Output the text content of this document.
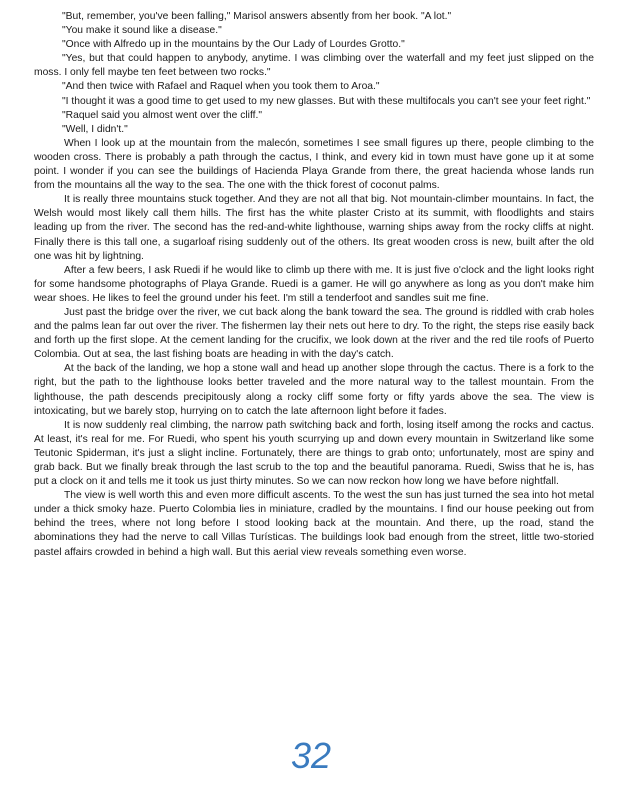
"But, remember, you've been falling," Marisol answers absently from her book. "A lot."

"You make it sound like a disease."

"Once with Alfredo up in the mountains by the Our Lady of Lourdes Grotto."

"Yes, but that could happen to anybody, anytime. I was climbing over the waterfall and my feet just slipped on the moss. I only fell maybe ten feet between two rocks."

"And then twice with Rafael and Raquel when you took them to Aroa."

"I thought it was a good time to get used to my new glasses. But with these multifocals you can't see your feet right."

"Raquel said you almost went over the cliff."

"Well, I didn't."

When I look up at the mountain from the malecón, sometimes I see small figures up there, people climbing to the wooden cross. There is probably a path through the cactus, I think, and every kid in town must have gone up it at some point. I wonder if you can see the buildings of Hacienda Playa Grande from there, the great hacienda whose lands run from the mountains all the way to the sea. The one with the thick forest of coconut palms.

It is really three mountains stuck together. And they are not all that big. Not mountain-climber mountains. In fact, the Welsh would most likely call them hills. The first has the white plaster Cristo at its summit, with floodlights and stairs leading up from the river. The second has the red-and-white lighthouse, warning ships away from the rocky cliffs at night. Finally there is this tall one, a sugarloaf rising suddenly out of the others. Its great wooden cross is new, built after the old one was hit by lightning.

After a few beers, I ask Ruedi if he would like to climb up there with me. It is just five o'clock and the light looks right for some handsome photographs of Playa Grande. Ruedi is a gamer. He will go anywhere as long as you don't make him wear shoes. He likes to feel the ground under his feet. I'm still a tenderfoot and sandles suit me fine.

Just past the bridge over the river, we cut back along the bank toward the sea. The ground is riddled with crab holes and the palms lean far out over the river. The fishermen lay their nets out here to dry. To the right, the steps rise easily back and forth up the first slope. At the cement landing for the crucifix, we look down at the river and the red tile roofs of Puerto Colombia. Out at sea, the last fishing boats are heading in with the day's catch.

At the back of the landing, we hop a stone wall and head up another slope through the cactus. There is a fork to the right, but the path to the lighthouse looks better traveled and the more natural way to the tallest mountain. From the lighthouse, the path descends precipitously along a rocky cliff some forty or fifty yards above the sea. The view is intoxicating, but we barely stop, hurrying on to catch the late afternoon light before it fades.

It is now suddenly real climbing, the narrow path switching back and forth, losing itself among the rocks and cactus. At least, it's real for me. For Ruedi, who spent his youth scurrying up and down every mountain in Switzerland like some Teutonic Spiderman, it's just a slight incline. Fortunately, there are things to grab onto; unfortunately, most are spiny and grab back. But we finally break through the last scrub to the top and the beautiful panorama. Ruedi, Swiss that he is, has put a clock on it and tells me it took us just thirty minutes. So we can now reckon how long we have before nightfall.

The view is well worth this and even more difficult ascents. To the west the sun has just turned the sea into hot metal under a thick smoky haze. Puerto Colombia lies in miniature, cradled by the mountains. I find our house peeking out from behind the trees, where not long before I stood looking back at the mountain. And there, up the road, stand the abominations they had the nerve to call Villas Turísticas. The buildings look bad enough from the street, little two-storied pastel affairs crowded in behind a high wall. But this aerial view reveals something even worse.

32
